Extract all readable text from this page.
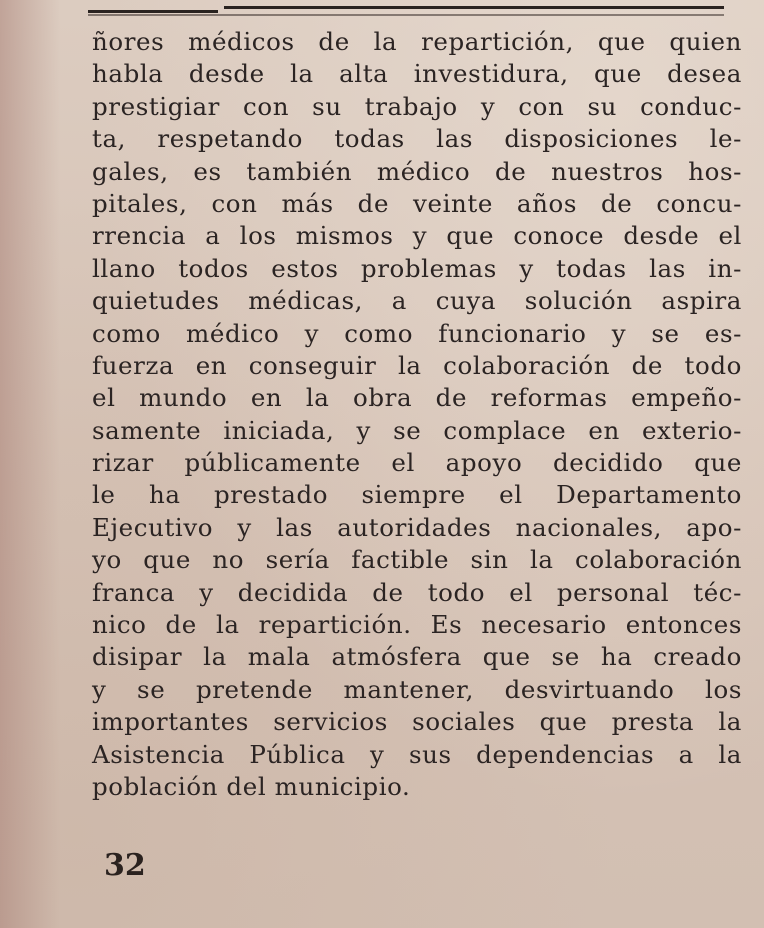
ñores médicos de la repartición, que quien
habla desde la alta investidura, que desea
prestigiar con su trabajo y con su conduc-
ta, respetando todas las disposiciones le-
gales, es también médico de nuestros hos-
pitales, con más de veinte años de concu-
rrencia a los mismos y que conoce desde el
llano todos estos problemas y todas las in-
quietudes médicas, a cuya solución aspira
como médico y como funcionario y se es-
fuerza en conseguir la colaboración de todo
el mundo en la obra de reformas empeño-
samente iniciada, y se complace en exterio-
rizar públicamente el apoyo decidido que
le ha prestado siempre el Departamento
Ejecutivo y las autoridades nacionales, apo-
yo que no sería factible sin la colaboración
franca y decidida de todo el personal téc-
nico de la repartición. Es necesario entonces
disipar la mala atmósfera que se ha creado
y se pretende mantener, desvirtuando los
importantes servicios sociales que presta la
Asistencia Pública y sus dependencias a la
población del municipio.
32
